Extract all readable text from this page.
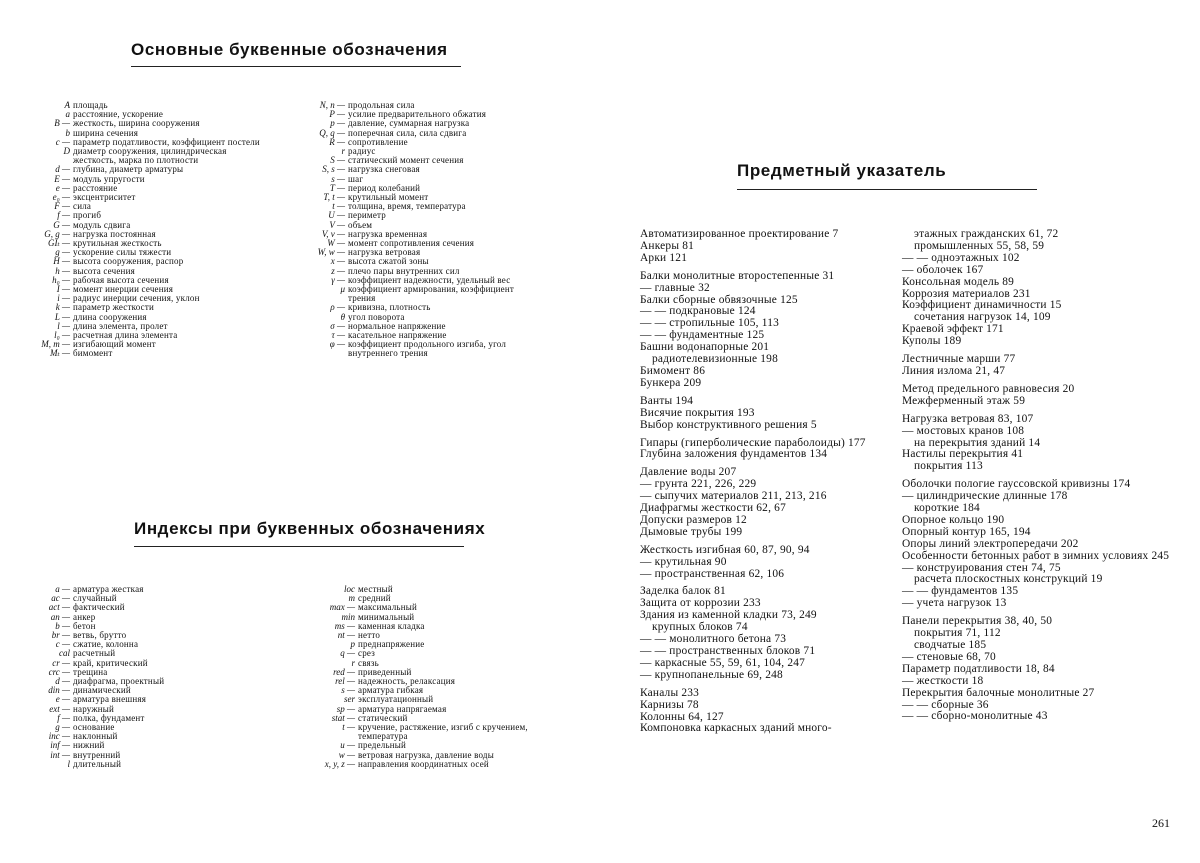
Основные буквенные обозначения
A площадь
a расстояние, ускорение
B — жесткость, ширина сооружения
b ширина сечения
c — параметр податливости, коэффициент постели
D диаметр сооружения, цилиндрическая жесткость, марка по плотности
d — глубина, диаметр арматуры
E — модуль упругости
e — расстояние
e₀ — эксцентриситет
F — сила
f — прогиб
G — модуль сдвига
G, g — нагрузка постоянная
GIₜ — крутильная жесткость
g — ускорение силы тяжести
H — высота сооружения, распор
h — высота сечения
h₀ — рабочая высота сечения
I — момент инерции сечения
i — радиус инерции сечения, уклон
k — параметр жесткости
L — длина сооружения
l — длина элемента, пролет
l₀ — расчетная длина элемента
M, m — изгибающий момент
Mₜ — бимомент
N, n — продольная сила
P — усилие предварительного обжатия
p — давление, суммарная нагрузка
Q, q — поперечная сила, сила сдвига
R — сопротивление
r радиус
S — статический момент сечения
S, s — нагрузка снеговая
s — шаг
T — период колебаний
T, t — крутильный момент
t — толщина, время, температура
U — периметр
V — объем
V, v — нагрузка временная
W — момент сопротивления сечения
W, w — нагрузка ветровая
x — высота сжатой зоны
z — плечо пары внутренних сил
γ — коэффициент надежности, удельный вес
μ коэффициент армирования, коэффициент трения
ρ — кривизна, плотность
θ угол поворота
σ — нормальное напряжение
τ — касательное напряжение
φ — коэффициент продольного изгиба, угол внутреннего трения
Индексы при буквенных обозначениях
a — арматура жесткая
ac — случайный
act — фактический
an — анкер
b — бетон
br — ветвь, брутто
c — сжатие, колонна
cal расчетный
cr — край, критический
crc — трещина
d — диафрагма, проектный
din — динамический
e — арматура внешняя
ext — наружный
f — полка, фундамент
g — основание
inc — наклонный
inf — нижний
int — внутренний
l длительный
loc местный
m средний
max — максимальный
min минимальный
ms — каменная кладка
nt — нетто
p преднапряжение
q — срез
r связь
red — приведенный
rel — надежность, релаксация
s — арматура гибкая
ser эксплуатационный
sp — арматура напрягаемая
stat — статический
t — кручение, растяжение, изгиб с кручением, температура
u — предельный
w — ветровая нагрузка, давление воды
x, y, z — направления координатных осей
Предметный указатель
Автоматизированное проектирование 7
Анкеры 81
Арки 121
Балки монолитные второстепенные 31
— главные 32
Балки сборные обвязочные 125
— — подкрановые 124
— — стропильные 105, 113
— — фундаментные 125
Башни водонапорные 201
радиотелевизионные 198
Бимомент 86
Бункера 209
Ванты 194
Висячие покрытия 193
Выбор конструктивного решения 5
Гипары (гиперболические параболоиды) 177
Глубина заложения фундаментов 134
Давление воды 207
— грунта 221, 226, 229
— сыпучих материалов 211, 213, 216
Диафрагмы жесткости 62, 67
Допуски размеров 12
Дымовые трубы 199
Жесткость изгибная 60, 87, 90, 94
— крутильная 90
— пространственная 62, 106
Заделка балок 81
Защита от коррозии 233
Здания из каменной кладки 73, 249
крупных блоков 74
— — монолитного бетона 73
— — пространственных блоков 71
— каркасные 55, 59, 61, 104, 247
— крупнопанельные 69, 248
Каналы 233
Карнизы 78
Колонны 64, 127
Компоновка каркасных зданий много-
этажных гражданских 61, 72
промышленных 55, 58, 59
— — одноэтажных 102
— оболочек 167
Консольная модель 89
Коррозия материалов 231
Коэффициент динамичности 15
сочетания нагрузок 14, 109
Краевой эффект 171
Куполы 189
Лестничные марши 77
Линия излома 21, 47
Метод предельного равновесия 20
Межферменный этаж 59
Нагрузка ветровая 83, 107
— мостовых кранов 108
на перекрытия зданий 14
Настилы перекрытия 41
покрытия 113
Оболочки пологие гауссовской кривизны 174
— цилиндрические длинные 178
короткие 184
Опорное кольцо 190
Опорный контур 165, 194
Опоры линий электропередачи 202
Особенности бетонных работ в зимних условиях 245
— конструирования стен 74, 75
расчета плоскостных конструкций 19
— — фундаментов 135
— учета нагрузок 13
Панели перекрытия 38, 40, 50
покрытия 71, 112
сводчатые 185
— стеновые 68, 70
Параметр податливости 18, 84
— жесткости 18
Перекрытия балочные монолитные 27
— — сборные 36
— — сборно-монолитные 43
261
